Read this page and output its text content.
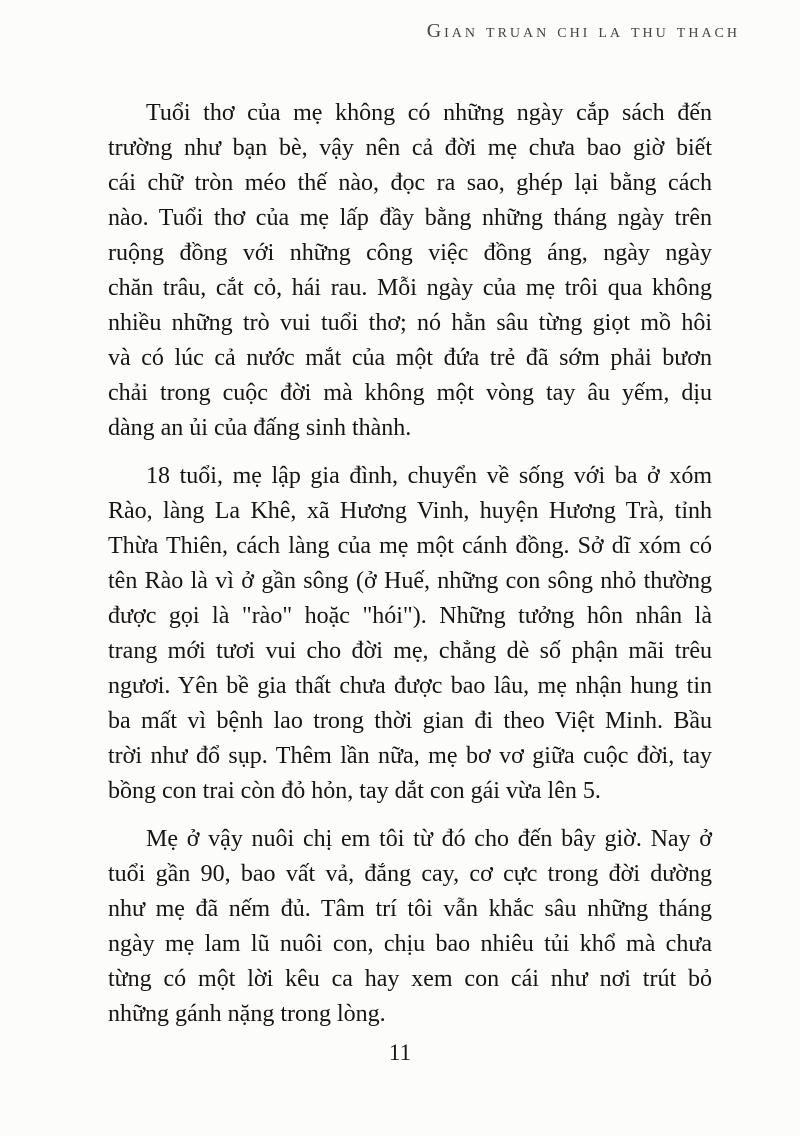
Gian truan chi la thu thach
Tuổi thơ của mẹ không có những ngày cắp sách đến
trường như bạn bè, vậy nên cả đời mẹ chưa bao giờ biết
cái chữ tròn méo thế nào, đọc ra sao, ghép lại bằng cách
nào. Tuổi thơ của mẹ lấp đầy bằng những tháng ngày trên
ruộng đồng với những công việc đồng áng, ngày ngày
chăn trâu, cắt cỏ, hái rau. Mỗi ngày của mẹ trôi qua không
nhiều những trò vui tuổi thơ; nó hằn sâu từng giọt mồ hôi
và có lúc cả nước mắt của một đứa trẻ đã sớm phải bươn
chải trong cuộc đời mà không một vòng tay âu yếm, dịu
dàng an ủi của đấng sinh thành.
18 tuổi, mẹ lập gia đình, chuyển về sống với ba ở xóm
Rào, làng La Khê, xã Hương Vinh, huyện Hương Trà, tỉnh
Thừa Thiên, cách làng của mẹ một cánh đồng. Sở dĩ xóm có
tên Rào là vì ở gần sông (ở Huế, những con sông nhỏ thường
được gọi là "rào" hoặc "hói"). Những tưởng hôn nhân là
trang mới tươi vui cho đời mẹ, chẳng dè số phận mãi trêu
ngươi. Yên bề gia thất chưa được bao lâu, mẹ nhận hung tin
ba mất vì bệnh lao trong thời gian đi theo Việt Minh. Bầu
trời như đổ sụp. Thêm lần nữa, mẹ bơ vơ giữa cuộc đời, tay
bồng con trai còn đỏ hỏn, tay dắt con gái vừa lên 5.
Mẹ ở vậy nuôi chị em tôi từ đó cho đến bây giờ. Nay ở
tuổi gần 90, bao vất vả, đắng cay, cơ cực trong đời dường
như mẹ đã nếm đủ. Tâm trí tôi vẫn khắc sâu những tháng
ngày mẹ lam lũ nuôi con, chịu bao nhiêu tủi khổ mà chưa
từng có một lời kêu ca hay xem con cái như nơi trút bỏ
những gánh nặng trong lòng.
11
